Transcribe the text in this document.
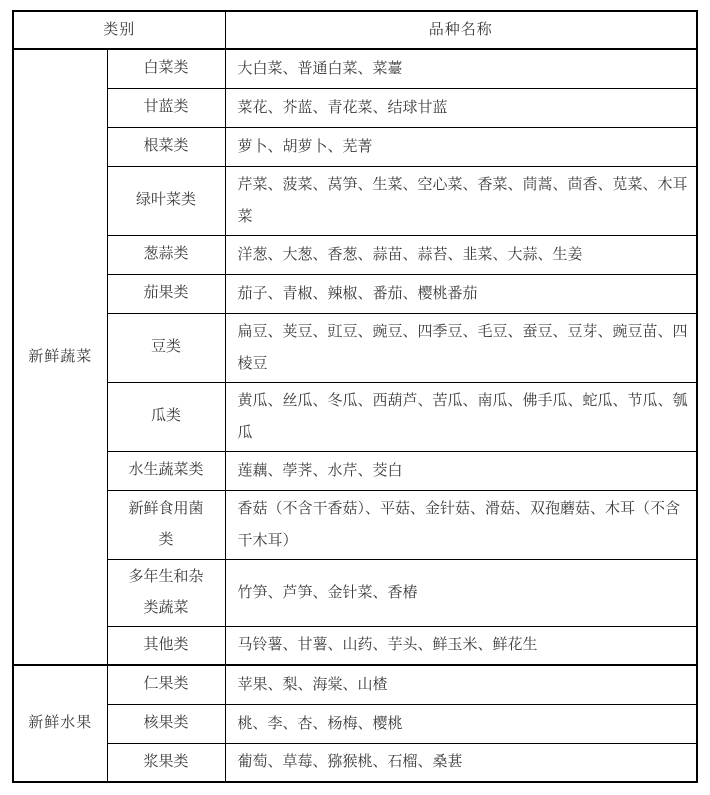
类别		品种名称
新鲜蔬菜	白菜类	大白菜、普通白菜、菜薹
	甘蓝类	菜花、芥蓝、青花菜、结球甘蓝
	根菜类	萝卜、胡萝卜、芜菁
	绿叶菜类	芹菜、菠菜、莴笋、生菜、空心菜、香菜、茼蒿、茴香、苋菜、木耳菜
	葱蒜类	洋葱、大葱、香葱、蒜苗、蒜苔、韭菜、大蒜、生姜
	茄果类	茄子、青椒、辣椒、番茄、樱桃番茄
	豆类	扁豆、荚豆、豇豆、豌豆、四季豆、毛豆、蚕豆、豆芽、豌豆苗、四棱豆
	瓜类	黄瓜、丝瓜、冬瓜、西葫芦、苦瓜、南瓜、佛手瓜、蛇瓜、节瓜、瓠瓜
	水生蔬菜类	莲藕、荸荠、水芹、茭白
	新鲜食用菌类	香菇（不含干香菇）、平菇、金针菇、滑菇、双孢蘑菇、木耳（不含干木耳）
	多年生和杂类蔬菜	竹笋、芦笋、金针菜、香椿
	其他类	马铃薯、甘薯、山药、芋头、鲜玉米、鲜花生
新鲜水果	仁果类	苹果、梨、海棠、山楂
	核果类	桃、李、杏、杨梅、樱桃
	浆果类	葡萄、草莓、猕猴桃、石榴、桑葚
